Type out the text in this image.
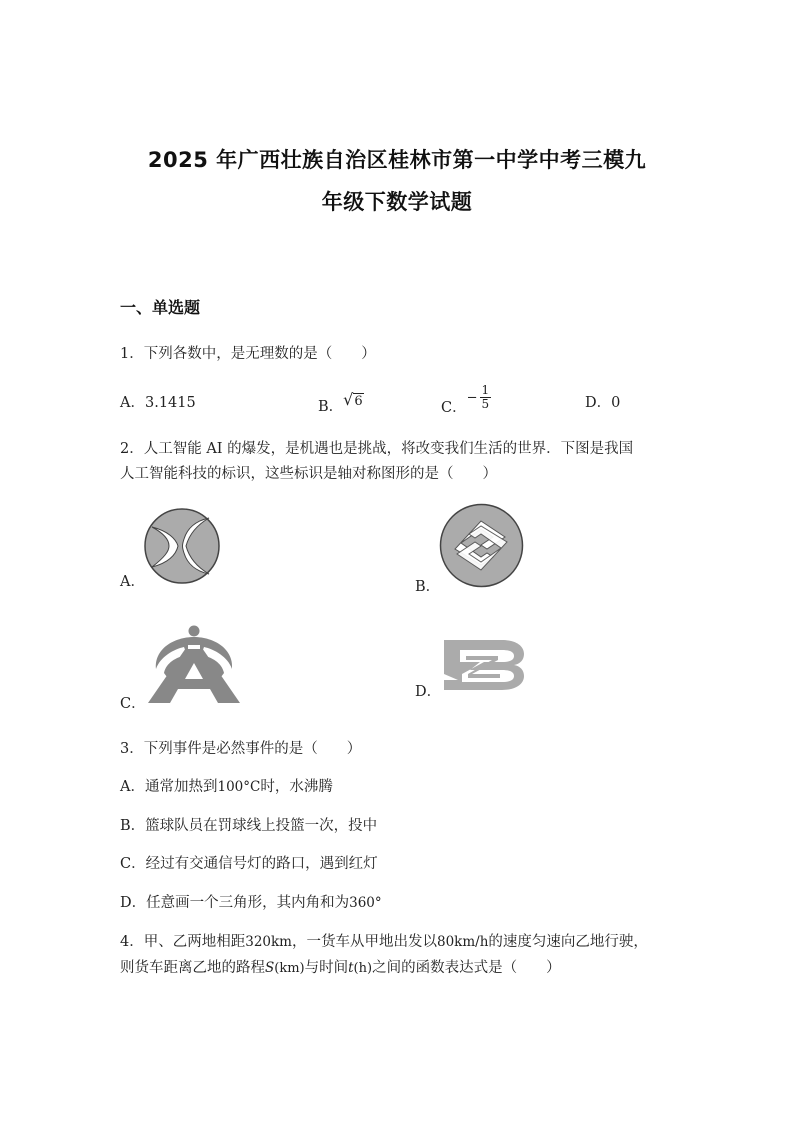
2025 年广西壮族自治区桂林市第一中学中考三模九
年级下数学试题
一、单选题
1．下列各数中，是无理数的是（　　）
A．3.1415	B．√6	C．− $\frac{1}{5}$	D．0
2．人工智能 AI 的爆发，是机遇也是挑战，将改变我们生活的世界．下图是我国
人工智能科技的标识，这些标识是轴对称图形的是（　　）
A．	B．
C．
D．
3．下列事件是必然事件的是（　　）
A．通常加热到100°C时，水沸腾
B．篮球队员在罚球线上投篮一次，投中
C．经过有交通信号灯的路口，遇到红灯
D．任意画一个三角形，其内角和为360°
4．甲、乙两地相距320km，一货车从甲地出发以80km/h的速度匀速向乙地行驶，
则货车距离乙地的路程S(km)与时间t(h)之间的函数表达式是（　　）
